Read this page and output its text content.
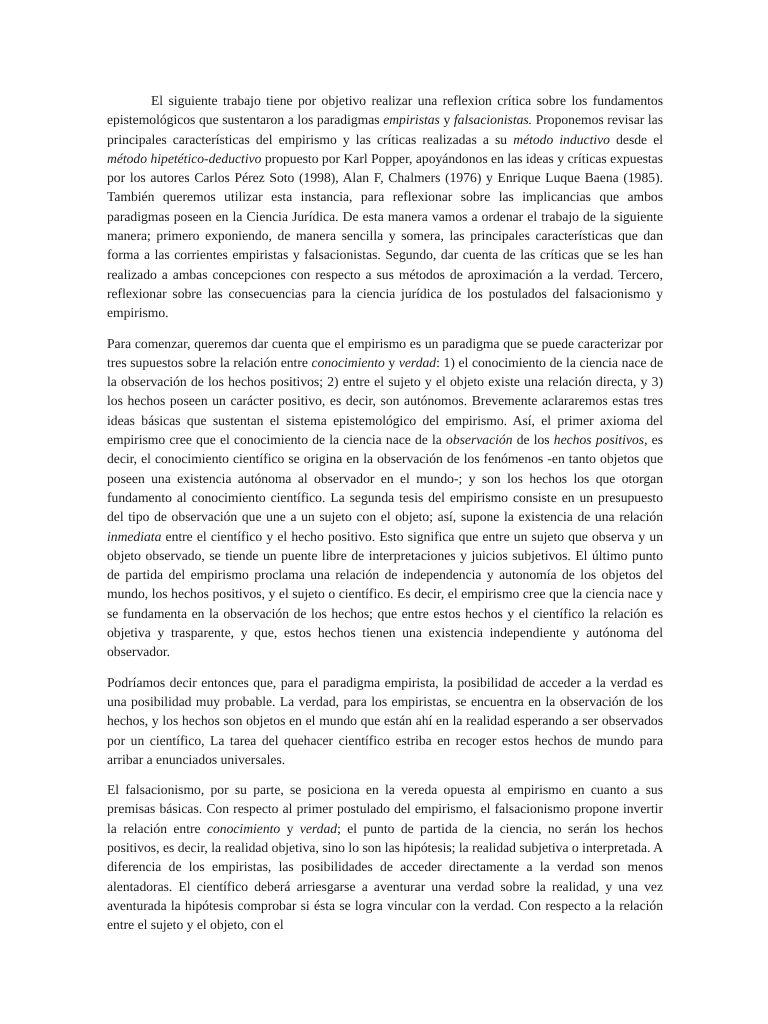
El siguiente trabajo tiene por objetivo realizar una reflexion crítica sobre los fundamentos epistemológicos que sustentaron a los paradigmas empiristas y falsacionistas. Proponemos revisar las principales características del empirismo y las críticas realizadas a su método inductivo desde el método hipetético-deductivo propuesto por Karl Popper, apoyándonos en las ideas y críticas expuestas por los autores Carlos Pérez Soto (1998), Alan F, Chalmers (1976) y Enrique Luque Baena (1985). También queremos utilizar esta instancia, para reflexionar sobre las implicancias que ambos paradigmas poseen en la Ciencia Jurídica. De esta manera vamos a ordenar el trabajo de la siguiente manera; primero exponiendo, de manera sencilla y somera, las principales características que dan forma a las corrientes empiristas y falsacionistas. Segundo, dar cuenta de las críticas que se les han realizado a ambas concepciones con respecto a sus métodos de aproximación a la verdad. Tercero, reflexionar sobre las consecuencias para la ciencia jurídica de los postulados del falsacionismo y empirismo.

Para comenzar, queremos dar cuenta que el empirismo es un paradigma que se puede caracterizar por tres supuestos sobre la relación entre conocimiento y verdad: 1) el conocimiento de la ciencia nace de la observación de los hechos positivos; 2) entre el sujeto y el objeto existe una relación directa, y 3) los hechos poseen un carácter positivo, es decir, son autónomos. Brevemente aclararemos estas tres ideas básicas que sustentan el sistema epistemológico del empirismo. Así, el primer axioma del empirismo cree que el conocimiento de la ciencia nace de la observación de los hechos positivos, es decir, el conocimiento científico se origina en la observación de los fenómenos -en tanto objetos que poseen una existencia autónoma al observador en el mundo-; y son los hechos los que otorgan fundamento al conocimiento científico. La segunda tesis del empirismo consiste en un presupuesto del tipo de observación que une a un sujeto con el objeto; así, supone la existencia de una relación inmediata entre el científico y el hecho positivo. Esto significa que entre un sujeto que observa y un objeto observado, se tiende un puente libre de interpretaciones y juicios subjetivos. El último punto de partida del empirismo proclama una relación de independencia y autonomía de los objetos del mundo, los hechos positivos, y el sujeto o científico. Es decir, el empirismo cree que la ciencia nace y se fundamenta en la observación de los hechos; que entre estos hechos y el científico la relación es objetiva y trasparente, y que, estos hechos tienen una existencia independiente y autónoma del observador.

Podríamos decir entonces que, para el paradigma empirista, la posibilidad de acceder a la verdad es una posibilidad muy probable. La verdad, para los empiristas, se encuentra en la observación de los hechos, y los hechos son objetos en el mundo que están ahí en la realidad esperando a ser observados por un científico, La tarea del quehacer científico estriba en recoger estos hechos de mundo para arribar a enunciados universales.

El falsacionismo, por su parte, se posiciona en la vereda opuesta al empirismo en cuanto a sus premisas básicas. Con respecto al primer postulado del empirismo, el falsacionismo propone invertir la relación entre conocimiento y verdad; el punto de partida de la ciencia, no serán los hechos positivos, es decir, la realidad objetiva, sino lo son las hipótesis; la realidad subjetiva o interpretada. A diferencia de los empiristas, las posibilidades de acceder directamente a la verdad son menos alentadoras. El científico deberá arriesgarse a aventurar una verdad sobre la realidad, y una vez aventurada la hipótesis comprobar si ésta se logra vincular con la verdad. Con respecto a la relación entre el sujeto y el objeto, con el
